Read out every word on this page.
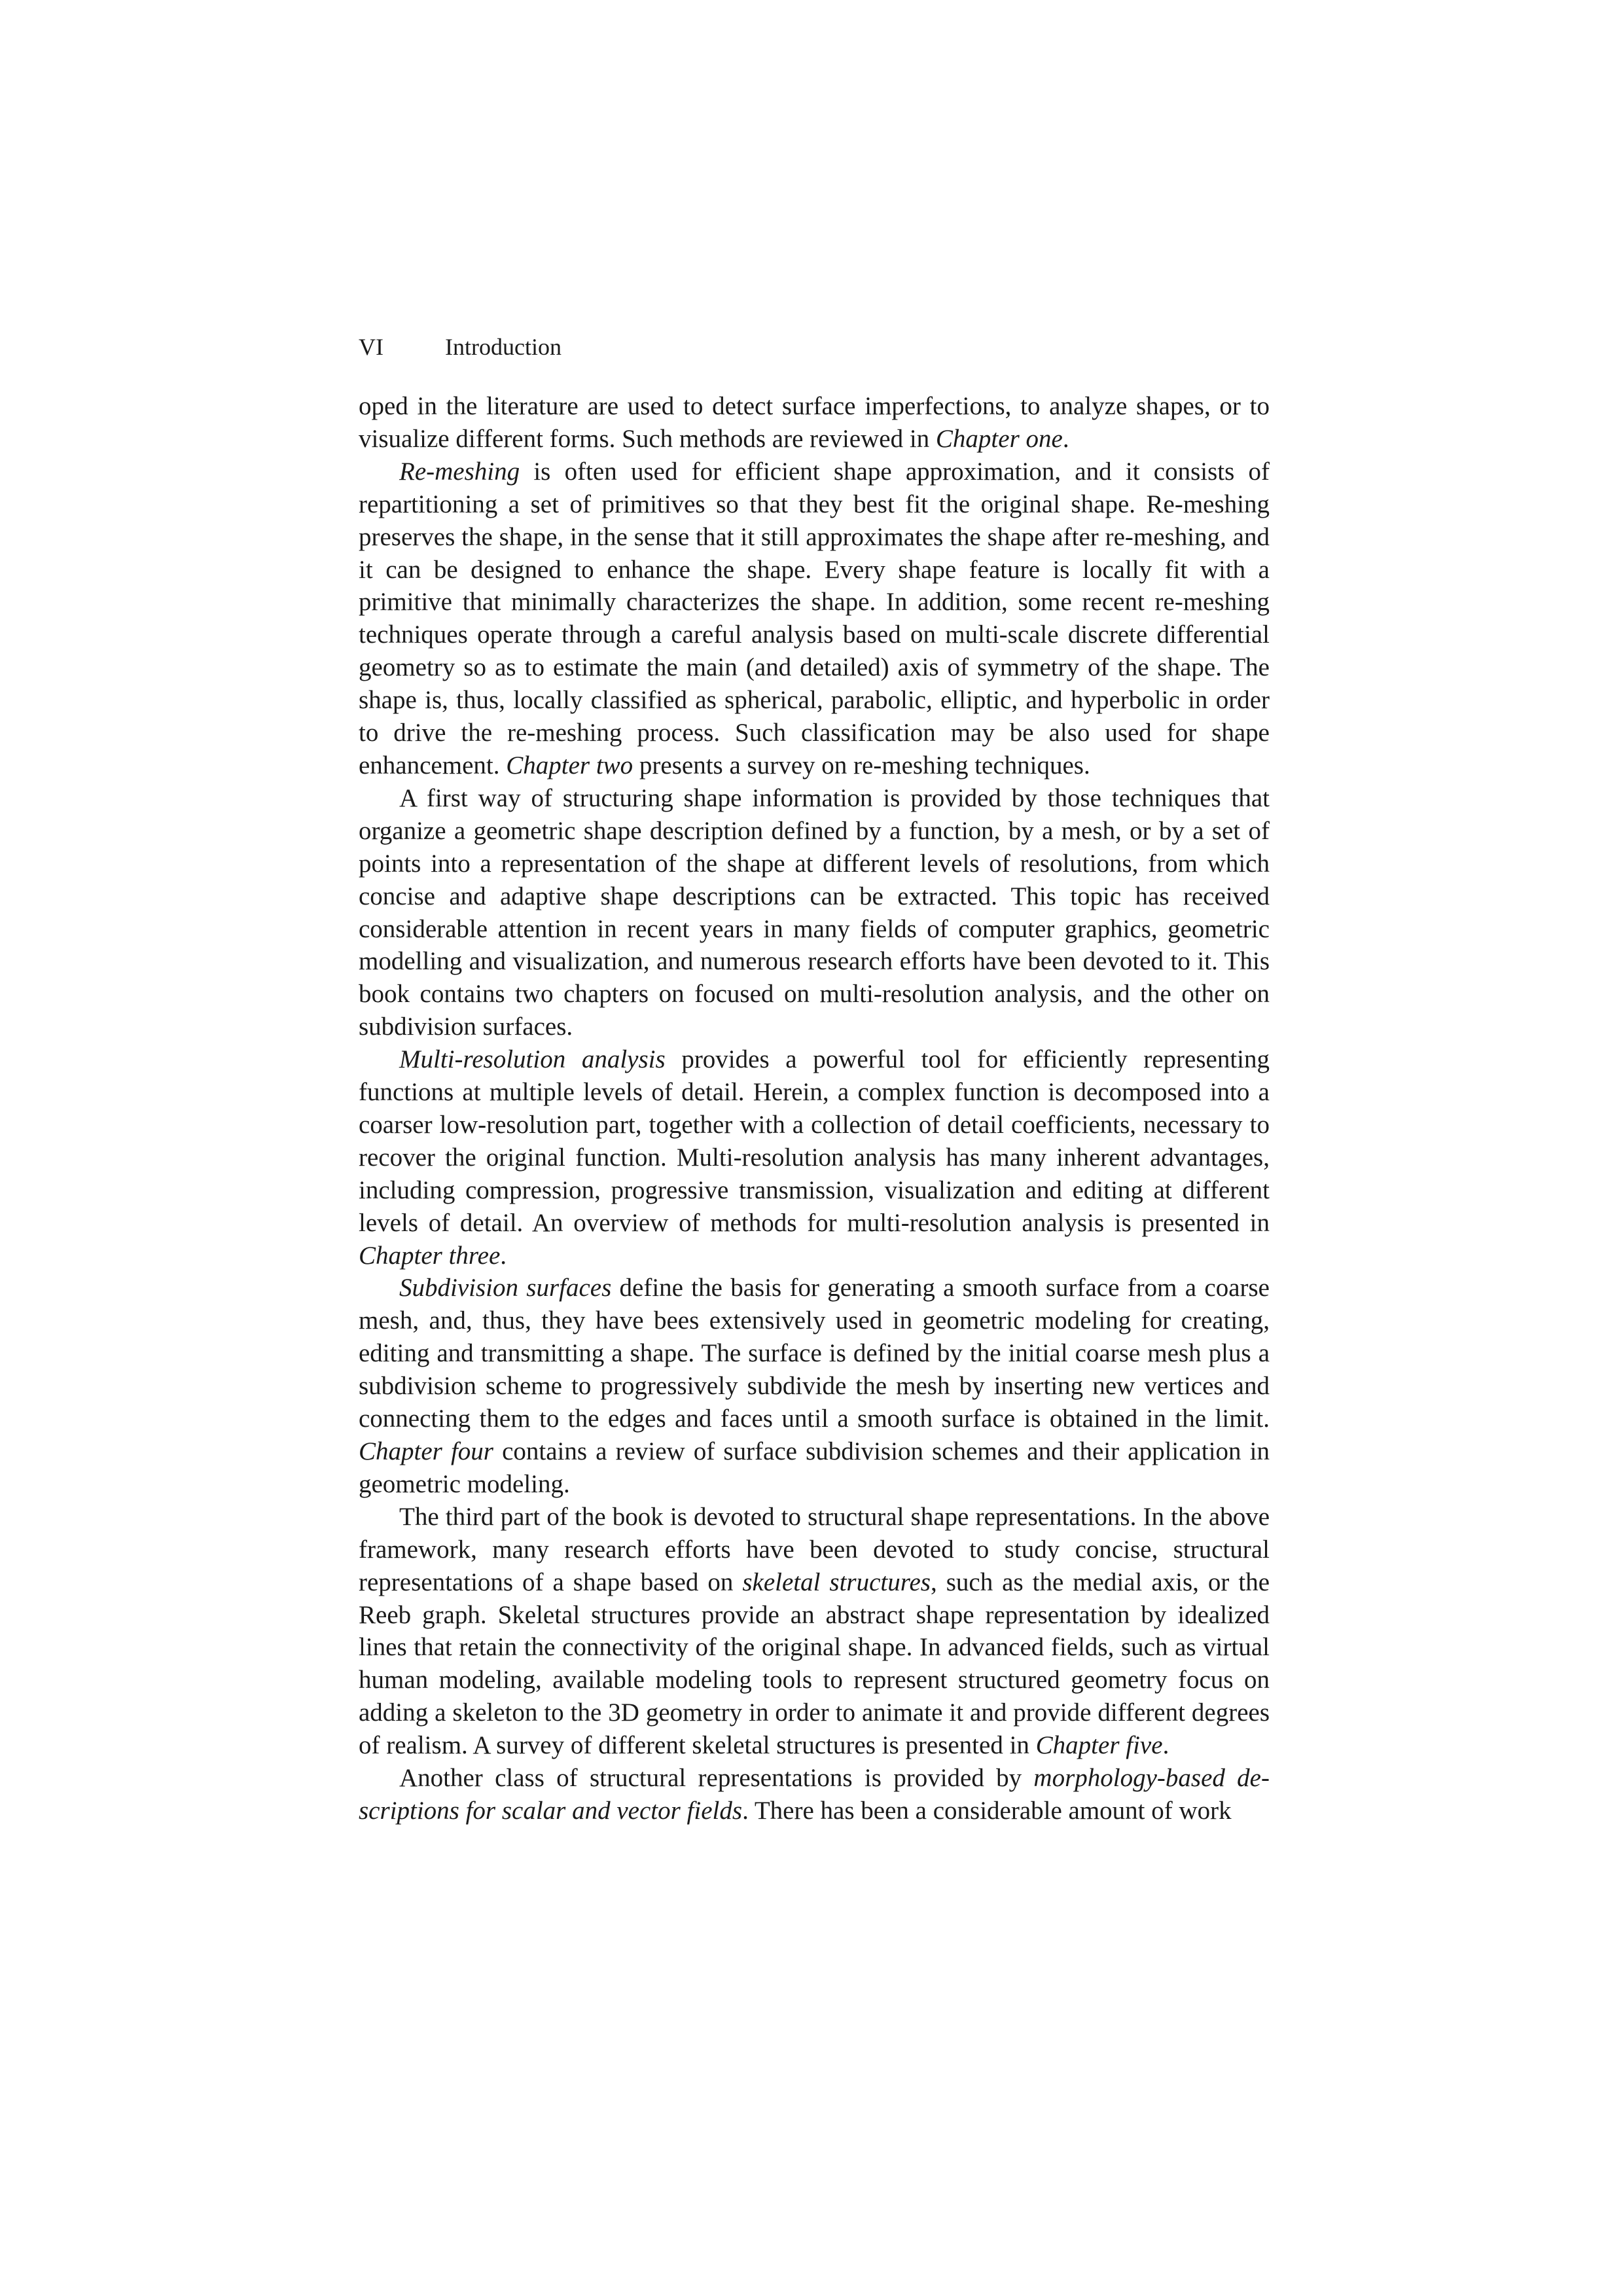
VI	Introduction

oped in the literature are used to detect surface imperfections, to analyze shapes, or to visualize different forms. Such methods are reviewed in Chapter one.

Re-meshing is often used for efficient shape approximation, and it consists of repartitioning a set of primitives so that they best fit the original shape. Re-meshing preserves the shape, in the sense that it still approximates the shape after re-meshing, and it can be designed to enhance the shape. Every shape feature is locally fit with a primitive that minimally characterizes the shape. In addition, some recent re-meshing techniques operate through a careful analysis based on multi-scale discrete differential geometry so as to estimate the main (and detailed) axis of symmetry of the shape. The shape is, thus, locally classified as spherical, parabolic, elliptic, and hyperbolic in order to drive the re-meshing process. Such classification may be also used for shape enhancement. Chapter two presents a survey on re-meshing techniques.

A first way of structuring shape information is provided by those techniques that organize a geometric shape description defined by a function, by a mesh, or by a set of points into a representation of the shape at different levels of resolutions, from which concise and adaptive shape descriptions can be extracted. This topic has received considerable attention in recent years in many fields of computer graphics, geometric modelling and visualization, and numerous research efforts have been devoted to it. This book contains two chapters on focused on multi-resolution analysis, and the other on subdivision surfaces.

Multi-resolution analysis provides a powerful tool for efficiently representing functions at multiple levels of detail. Herein, a complex function is decomposed into a coarser low-resolution part, together with a collection of detail coefficients, necessary to recover the original function. Multi-resolution analysis has many inherent advantages, including compression, progressive transmission, visualization and editing at different levels of detail. An overview of methods for multi-resolution analysis is presented in Chapter three.

Subdivision surfaces define the basis for generating a smooth surface from a coarse mesh, and, thus, they have bees extensively used in geometric modeling for creating, editing and transmitting a shape. The surface is defined by the initial coarse mesh plus a subdivision scheme to progressively subdivide the mesh by inserting new vertices and connecting them to the edges and faces until a smooth surface is obtained in the limit. Chapter four contains a review of surface subdivision schemes and their application in geometric modeling.

The third part of the book is devoted to structural shape representations. In the above framework, many research efforts have been devoted to study concise, structural representations of a shape based on skeletal structures, such as the medial axis, or the Reeb graph. Skeletal structures provide an abstract shape representation by idealized lines that retain the connectivity of the original shape. In advanced fields, such as virtual human modeling, available modeling tools to represent structured geometry focus on adding a skeleton to the 3D geometry in order to animate it and provide different degrees of realism. A survey of different skeletal structures is presented in Chapter five.

Another class of structural representations is provided by morphology-based descriptions for scalar and vector fields. There has been a considerable amount of work
